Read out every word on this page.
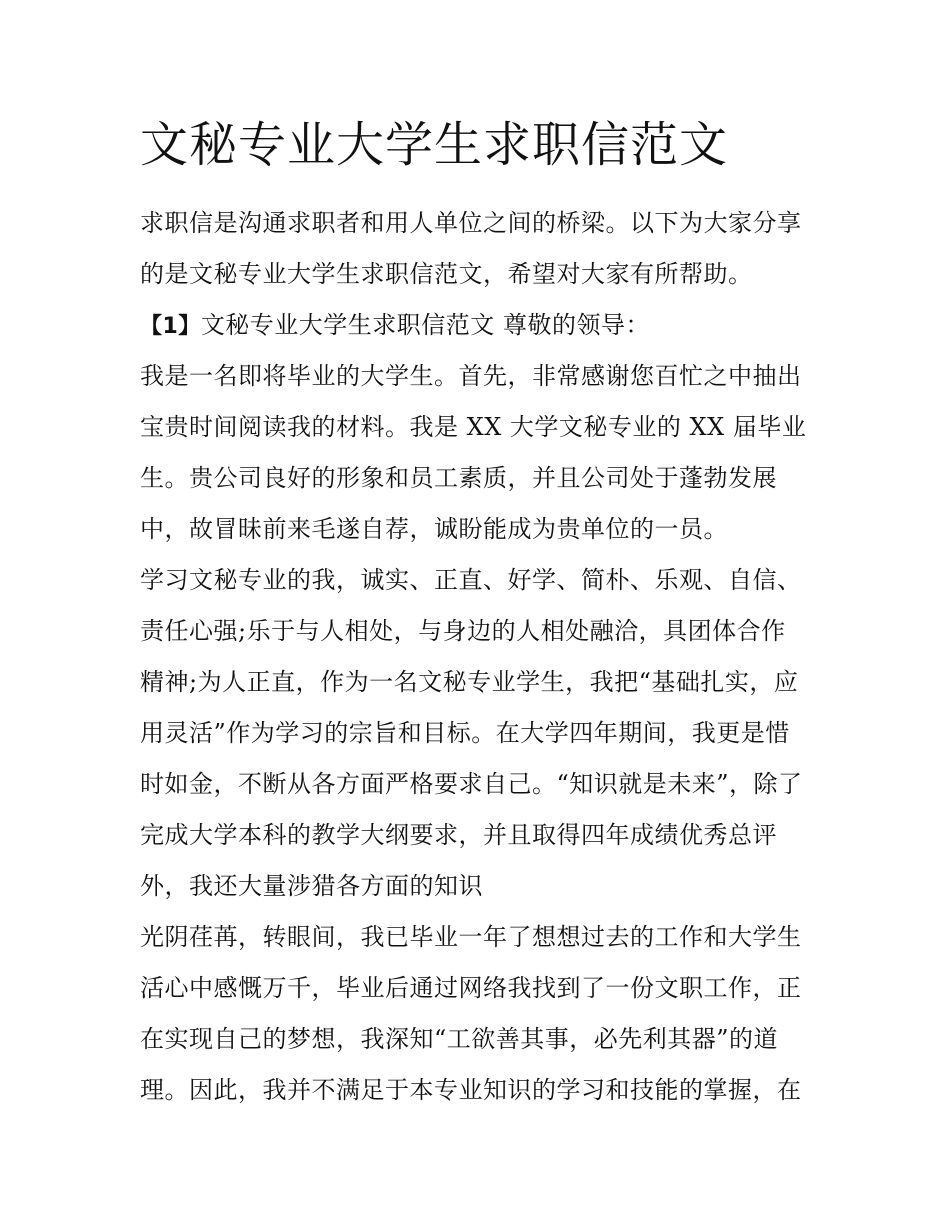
文秘专业大学生求职信范文
求职信是沟通求职者和用人单位之间的桥梁。以下为大家分享
的是文秘专业大学生求职信范文，希望对大家有所帮助。
【1】文秘专业大学生求职信范文 尊敬的领导：
我是一名即将毕业的大学生。首先，非常感谢您百忙之中抽出
宝贵时间阅读我的材料。我是 XX 大学文秘专业的 XX 届毕业
生。贵公司良好的形象和员工素质，并且公司处于蓬勃发展
中，故冒昧前来毛遂自荐，诚盼能成为贵单位的一员。
学习文秘专业的我，诚实、正直、好学、简朴、乐观、自信、
责任心强;乐于与人相处，与身边的人相处融洽，具团体合作
精神;为人正直，作为一名文秘专业学生，我把“基础扎实，应
用灵活”作为学习的宗旨和目标。在大学四年期间，我更是惜
时如金，不断从各方面严格要求自己。“知识就是未来”，除了
完成大学本科的教学大纲要求，并且取得四年成绩优秀总评
外，我还大量涉猎各方面的知识
光阴荏苒，转眼间，我已毕业一年了想想过去的工作和大学生
活心中感慨万千，毕业后通过网络我找到了一份文职工作，正
在实现自己的梦想，我深知“工欲善其事，必先利其器”的道
理。因此，我并不满足于本专业知识的学习和技能的掌握，在
